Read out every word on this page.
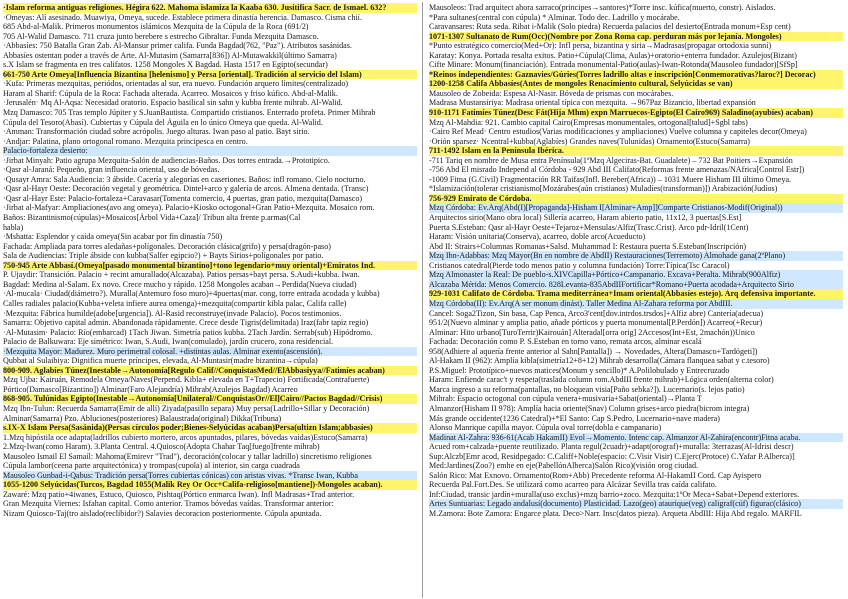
·Islam reforma antiguas religiones. Hégira 622. Mahoma islamiza la Kaaba 630. Jusitifica Sacr. de Ismael. 632?
·Omeyas: Alí asesinado. Muawiya, Omeya, sucede. Establece primera dinastía herencia. Damasco. Cisma chií.
685 Abd-al-Malik. Primeros monumentos islámicos Mezquita de la Cúpula de la Roca (691/2)
705 Al-Walid Damasco. 711 cruza junto berebere s estrecho Gibraltar. Funda Mezquita Damasco.
·Abbasíes: 750 Batalla Gran Zab. Al-Mansur primer califa. Funda Bagdad(762, "Paz"). Atributos sasánidas.
Abbasíes ostentan poder a través de Arte. Al-Mutasim (Samarra[836]) Al-Mutawakkil(último Samarra)
s.X Islam se fragmenta en tres califatos. 1258 Mongoles X Bagdad. Hasta 1517 en Egipto(secundar)
661-750 Arte Omeya[Influencia Bizantina [helenismo] y Persa [oriental]. Tradición al servicio del Islam)
·Kufa: Primeras mezquitas, periódos, orientadas al sur, era nuevo. Fundación arquero límites(centralizado)
Haram al Sharif: Cúpula de la Roca: Fachada alterada. Acarreo. Mosaicos y friso kúfico. Abd-al-Malik.
·Jerusalén· Mq Al-Aqsa: Necesidad oratorio. Espacio basilical sin sahn y kubba frente mihrab. Al-Walid.
Mzq Damasco: 705 Tras templo Júpiter y S.JuanBautista. Compartido cristianos. Enterrado profeta. Primer Mihrab
Cúpula del Tesoro(Abasí). Cubiertas y Cúpula del Águila en lo único Omeya que queda. Al-Walid.
·Amman: Transformación ciudad sobre acrópolis. Juego alturas. Iwan paso al patio. Bayt sirio.
·Andjar: Palatina, plano ortogonal romano. Mezquita principesca en centro.
Palacio-fortaleza desierto:
·Jirbat Minyah: Patio agrupa Mezquita-Salón de audiencias-Baños. Dos torres entrada.→Prototipico.
·Qasr al-Jaraná: Pequeño, gran influencia oriental, uso de bóvedas.
·Qusayr Amra: Sala Audiencia: 3 ábside. Cacería y alegorías en caseriones. Baños: infl romano. Cielo nocturno.
·Qasr al-Hayr Oeste: Decoración vegetal y geométrica. Dintel+arco y galería de arcos. Almena dentada. (Transc)
·Qasr al-Hayr Este: Palacio-fortaleza+Caravasar(Tomenta comercio, 4 puertas, gran patio, mezquita(Damasco)
·Jirbat al-Mafyar: Ampliaciones(avo ang omeya). Palacio+Kiosko octogonal+Gran Patio+Mezquita. Mosaico rom.
Baños: Bizantinismo(cúpulas)+Mosaicos[Árbol Vida+Caza]/ Tribun alta frente p.armas(Cal
habla)
·Mshatta: Esplendor y caída omeya(Sin acabar por fin dinastía 750)
Fachada: Ampliada para torres aledañas+polígonales. Decoración clásica(grifo) y persa(dragón-paso)
Sala de Audiencias: Triple ábside con kubba(Salfer egipcio?) + Bayts Sirios+polígonales por patio.
750-945 Arte Abbasí.(Omeya[pasado monumental bizantino]+tono legendario+muy oriental)+Emiratos Ind.
P. Ujaydir: Transición. Palacio + recint amurallado(Alcazaba). Patios persas+bayt persa. S.Audi+kubba. Iwan.
Bagdad: Medina al-Salam. Ex novo. Crece mucho y rápido. 1258 Mongoles acaban→Perdida(Nueva ciudad)
·Al-mucala· Ciudad(diámetro?). Muralla(Antemuro foso muro)+4puertas(mar. cong, torre entrada acodada y kubba)
Calles radiales palacio(Kubba+veleta infiere aurea omenga)+mezquita(compartir kibla palac, Califa calle)
·Mezquita: Fábrica humilde(adobe[urgencia]). Al-Rasid reconstruye(invade Palacio). Pocos testimonios.
Samarra: Objetivo capital admin. Abandonada rápidamente. Crece desde Tigris(delimitada) Iraz(fabr tapiz regio)
·Al-Mutasim· Palacio: Río(embarcad) 1Tach Jiwan. Simetría patios kubba. 2Tach Jardín. Serrab(sub) Hipódromo.
Palacio de Balkuwara: Eje simétrico: Iwan, S.Audi, Iwan(comulado), jardín crucero, zona residencial.
·Mezquita Mayor: Madurez. Muro perimetral colosal. +distintas aulas. Alminar exento(ascensión).
Qubbat al Sulaibiya: Dignifica muerte príncipes, elevada, Al-Muntasir(madre bizantina→cúpula)
800-909. Aglabíes Túnez(Inestable→Autonomía[Regulo Calif//ConquistasMed//ElAbbasiyya//Fatimíes acaban)
Mzq Ujba: Kairuán, Remodela Omeya/Naves(Perpend. Kibla+ elevada en T+Trapecio) Fortificada(Contrafuerte)
Pórtico(Damasco[Bizantino]) Alminar(Faro Alejandría) Mihrab(Azulejos Bagdad) Acarreo
868-905. Tulúnidas Egipto(Inestable→Autonomía[Unilateral//ConquistasOr//El]Cairo//Pactos Bagdad//Crisis)
Mzq Ibn-Tulun: Recuerda Samarra(Emir de allí) Ziyada(pasillo separa) Muy persa(Ladrillo+Sillar y Decoración)
Alminar(Samarra) Pzo. Abluciones(posteriores) Balaustrada(original) Dikka(Tribuna)
s.IX-X Islam Persa(Sasánida)(Persas círculos poder;Bienes-Selyúcidas acaban)Persa(ultizn Islam;abbasíes)
1.Mzq hipóstila oce adapta(ladrillos cubierto mortero, arcos apuntados, pilares, bóvedas vaídas)Estuco(Samarra)
2.Mzq-Iwan(como Haram). 3.Planta Central. 4.Quiosco(Adopta Chahar Taq[fuego]frente mihrab)
Mausoleo Ismail El Samaíl: Mahoma(Emirevr "Trad"), decoración(colocar y tallar ladrillo) sincretismo religiones
Cúpula lambor(ceena parte arquitectónica) y trompas(cupola) al interior, sin carga cuadrada
Mausoleo Gunbad-i-Qabus: Tradición persa(Torres cubiertas cónicas) con aristas vivas. *Transc Iwan, Kubba
1055-1200 Selyúcidas(Turcos, Bagdad 1055(Malik Rey Or Occ+Califa-religioso[mantiene])-Mongoles acaban).
Zawaré: Mzq patio+4iwanes, Estuco, Quiosco, Pishtaq(Pórtico enmarca Iwan). Infl Madrasas+Trad anterior.
Gran Mezquita Viernes: Isfahan capital. Como anterior. Tramos bóvedas vaídas. Transformar anterior:
Nizam Quiosco-Taj(tro aislado(reclibidor?) Salavies decoracion posteriormente. Cúpula apuntada.
Mausoleos: Trad arquitect ahora sarraco(principes→santores)*Torre insc. kúfica(muerto, constr). Aislados.
*Para sultanes(central con cúpula) * Alminar. Todo dec. Ladrillo y mocárabe.
Caravansares: Ruta seda. Ribat i-Malik (Solo piedra) Recuerda palacios del desierto(Entrada monum+Esp cent)
1071-1307 Sultanato de Rum(Occ)(Nombre por Zona Roma cap. perduran más por lejanía. Mongoles)
*Punto estratégico comercio(Med+Or): Infl persa, bizantina y siria→Madrasas(propagar ortodoxia sunní)
Karatay: Konya. Portada resalta exitos. Patio+Cúpula(Clima, Aulas)+oratorio+enterra fundador. Azulejos(Bizant)
Cifte Minare: Monum(financiación). Entrada monumental-Patio(aulas)-Iwan-Rotonda(Mausoleo fundador)[SfSp]
*Reinos independientes: Gaznavies/Gúries(Torres ladrillo altas e inscripción[Conmemorativas?laroc?] Decorac)
1200-1258 Califa Abbasíes(Antes de mongoles Renacimiento cultural, Selyúcidas se van)
Mausoleo de Zobeida: Espesa Al-Nasir. Bóveda de prismas con mocárabes.
Madrasa Mustansiriya: Madrasa oriental típica con mezquita. →967Paz Bizancio, libertad expansión
910-1171 Fatimíes Túnez(Desc Fát(Hija Mhm) expn Marruecos-Egipto(El Cairo969) Saladino(ayubíes) acaban)
Mzq Al-Mahdia: 921. Cambio capital Cairo(Empresas monumentales, ortogonal[talud]+Sgbl tabs)
·Cairo Ref Mead· Centro estudios(Varias modificaciones y ampliaciones) Vuelve columna y capiteles decor(Omeya)
·Orión sparsez· Ncentral+kubba(Aglabíes) Grandes naves(Tulunidas) Ornamento(Estuco(Samarra)
711-1492 Islam en la Península Ibérica.
-711 Tariq en nombre de Musa entra Península(1ºMzq Algeciras-Bat. Guadalete) – 732 Bat Poitiers→Expansión
-756 Abd El misrado Independ al Córdoba - 929 Abd III Califato(Reformas frente amenazas/NAfrica[Control Estr])
-1009 Fitna (G.Civil) Fragmentación RR Taifas(Infl. Bereber(Africa)) – 1031 Muere Hisham III último Omeya.
*Islamización(tolerar cristianismo[Mozárabes(aún cristianos) Muladíes(transforman)]) Arabización(Judíos)
756-929 Emirato de Córdoba.
Mzq Córdoba: Ev.Arq(Abd(I)[Propaganda]-Hisham I[Alminar+Amp]]Comparte Cristianos-Modif(Original))
Arquitectos sirio(Mano obra local) Sillería acarreo, Haram abierto patio, 11x12, 3 puertas[S.Est]
Puerta S.Esteban: Qasr al-Hayr Oeste+Tejaroz+Mensulas/Alfiz(Trasc.Crist). Arco pdr-Idril(1Cent)
Haram: Visión unitaria(Conserva), acarreo, doble arco(Acueducto)
Abd II: Strairs+Columnas Romanas+Salsd. Muhammad I: Restaura puerta S.Esteban(Inscripción)
Mzq Ibn-Adabbas: Mzq Mayor(Bn en nombre de AbdII) Restauraciones(Terremoto) Almohade gana(2ºPlano)
Cristianos catedral(Pierde todo menos patio y columna fundación) Torre:Típica(Tsc Caracol)
Mzq Almonaster la Real: De pueblo-s.XIVCapilla+Pórtico+Campanario. Excava+Peralta. Mihrab(900Alfiz)
Alcazaba Mérida: Menos Comercio. 828Levanta-835AbdIIFortificar*Romano+Puerta acodada+Arquitecto Sirio
929-1031 Califato de Córdoba. Trama mediterránea+Imam oriental(Abbasíes estejo). Arq defensiva importante.
Mzq Córdoba(II): Ev.Arq(A ser monum dinást). Taller Medina Al-Zahara reforma por AbdIII.
Cancel: Soga2Tizon, Sin basa, Cap Penca, Arco3'cent[dov.intrdos.trsdos]+Alfiz abre) Cantería(adecua)
951/2(Nuevo alminar y amplia patio, añade pórticos y puerta monumental[P.Perdón]) Acarreo(+Recur)
Alminar: Hito urbano[TuroTerrir)Kairouán] Alteradal[orra orig] 2Accesos(Int+Est, 2machón))Unico
Fachada: Decoración como P. S.Esteban en torno vano, remata arcos, alminar escalá
958(Adhiere al aquería frente anterior al Sahn[Pantalla]) → Novedades, Altera(Damasco+Tardógeti])
Al-Hakam II (962): Amplía kibla(simetría12+8+12) Mihrab desarrolla(Cámara flanquea sabat y c.tesoro)
P.S.Miguel: Prototípico+nuevos matices(Monum y sencillo)* A.Polilobulado y Entrecruzado
Haram: Enfiende carac't y respeta(traslada column rom.AbdIII frente mihrab)+Lógica orden(alterna color)
Marca ingreso a su reforma(pantallas, no bloquean visia[Paño sebka?]). Lucernario(s. lejos patio)
Mihrab: Espacio octogonal con cúpula venera+musivaria+Sabat(oriental)→Planta T
Almanzor(Hisham II 978): Amplía hacia oriente(Snav) Column grises+arco piedra(bicrom integra)
Más grande occidente(1236 Catedral)+*El Santo: Cap S.Pedro, Lucernario+nave madera)
Alonso Manrique capilla mayor. Cúpula oval torre(dobla e campanario)
Madinat Al-Zahra: 936-61(Acab HakamII) Evol→Momento. Intenc cap. Almanzor Al-Zahira(encontr)Fitna acaba.
Acued rom+calzada+puente reutilizado. Planta regul(2cuadr)+adapt(orograf)+muralla: 3terrazas(Al-Idrisi descr)
Sup:Alczb[Emr acod, Residpegado: C.Califf+Noble(espacio: C.Visir Visir) C.Ejerc(Protoce) C.Yafar P.Alberca)]
Med:Jardines(Zoo?) emhe en eje(PabellónAlberca)Salón Rico)(visión orog ciudad.
Salón Rico: Mat Exnovo. Ornamento(Rom+Abb) Precedente reforma Al-HakamII Cord. Cap Ayispero
Recuerda Pal.Fort.Des. Se utilizará como acarreo para Alcázar Sevilla tras caída califato.
Inf:Ciudad, transic jardín+muralla(uso exclus)+mzq barrio+zoco. Mezquita:1ºOr Meca+Sabat+Depend exteriores.
Artes Suntuarias: Legado andalusí(documento) Plasticidad. Lazo(geo) ataurique(veg) caligraf(cúf) figurac(clásico)
M.Zamora: Bote Zamora: Engarce plata. Deco>Narr. Insc(datos pieza). Arqueta AbdIII: Hija Abd regalo. MARFIL
